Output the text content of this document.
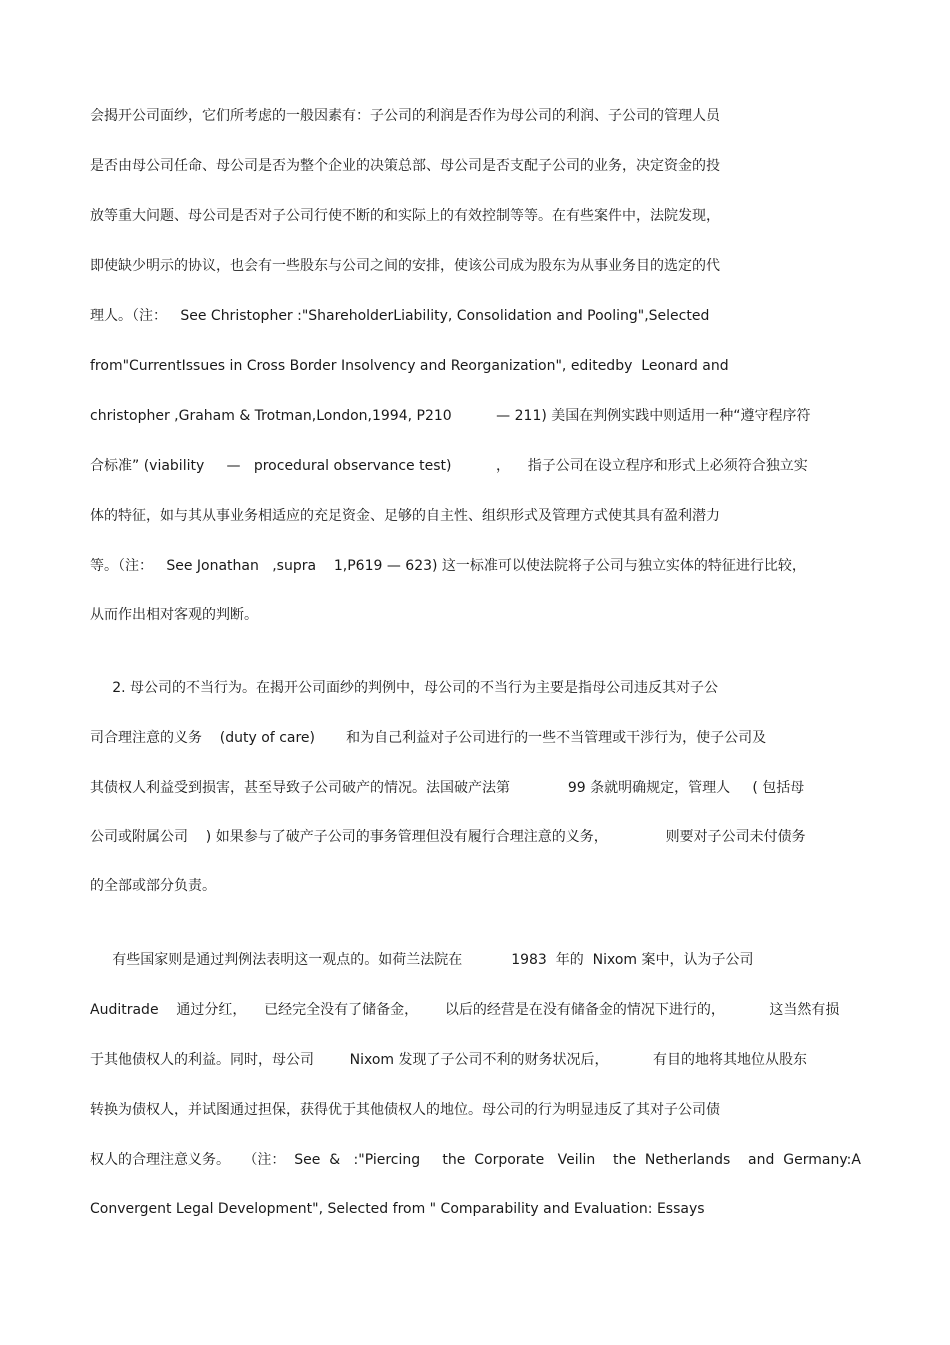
会揭开公司面纱，它们所考虑的一般因素有：子公司的利润是否作为母公司的利润、子公司的管理人员
是否由母公司任命、母公司是否为整个企业的决策总部、母公司是否支配子公司的业务，决定资金的投
放等重大问题、母公司是否对子公司行使不断的和实际上的有效控制等等。在有些案件中，法院发现，
即使缺少明示的协议，也会有一些股东与公司之间的安排，使该公司成为股东为从事业务目的选定的代
理人。（注：   See Christopher :"ShareholderLiability, Consolidation and Pooling",Selected
from"CurrentIssues in Cross Border Insolvency and Reorganization", editedby  Leonard and
christopher ,Graham & Trotman,London,1994, P210          — 211) 美国在判例实践中则适用一种“遵守程序符
合标准” (viability     —   procedural observance test)          ，    指子公司在设立程序和形式上必须符合独立实
体的特征，如与其从事业务相适应的充足资金、足够的自主性、组织形式及管理方式使其具有盈利潜力
等。（注：   See Jonathan   ,supra    1,P619 — 623) 这一标准可以使法院将子公司与独立实体的特征进行比较，
从而作出相对客观的判断。
2. 母公司的不当行为。在揭开公司面纱的判例中，母公司的不当行为主要是指母公司违反其对子公
司合理注意的义务    (duty of care)       和为自己利益对子公司进行的一些不当管理或干涉行为，使子公司及
其债权人利益受到损害，甚至导致子公司破产的情况。法国破产法第             99 条就明确规定，管理人     ( 包括母
公司或附属公司    ) 如果参与了破产子公司的事务管理但没有履行合理注意的义务，             则要对子公司未付债务
的全部或部分负责。
有些国家则是通过判例法表明这一观点的。如荷兰法院在           1983  年的  Nixom 案中，认为子公司
Auditrade    通过分红，    已经完全没有了储备金，      以后的经营是在没有储备金的情况下进行的，          这当然有损
于其他债权人的利益。同时，母公司        Nixom 发现了子公司不利的财务状况后，          有目的地将其地位从股东
转换为债权人，并试图通过担保，获得优于其他债权人的地位。母公司的行为明显违反了其对子公司债
权人的合理注意义务。   （注：  See  &   :"Piercing     the  Corporate   Veilin    the  Netherlands    and  Germany:A
Convergent Legal Development", Selected from " Comparability and Evaluation: Essays
